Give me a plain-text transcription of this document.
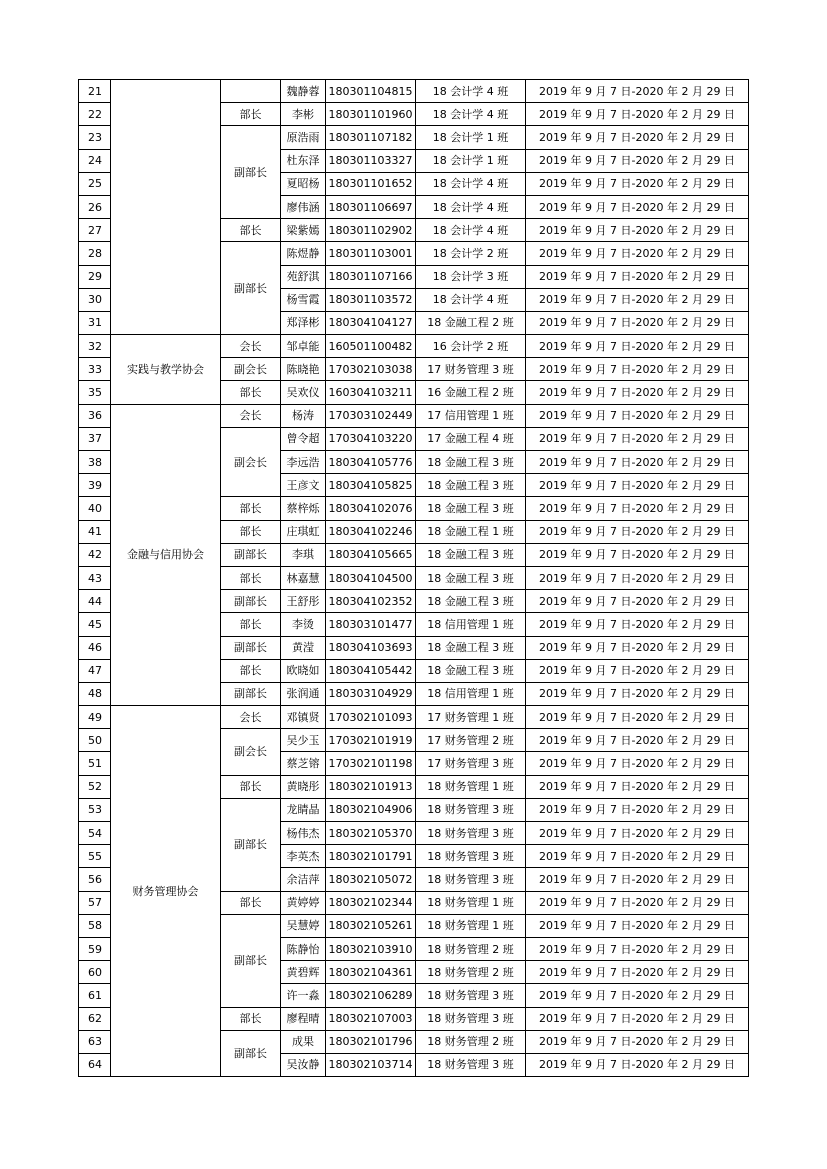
21			魏静蓉	180301104815	18 会计学 4 班	2019 年 9 月 7 日-2020 年 2 月 29 日
22		部长	李彬	180301101960	18 会计学 4 班	2019 年 9 月 7 日-2020 年 2 月 29 日
23		副部长	原浩雨	180301107182	18 会计学 1 班	2019 年 9 月 7 日-2020 年 2 月 29 日
24			杜东泽	180301103327	18 会计学 1 班	2019 年 9 月 7 日-2020 年 2 月 29 日
25			夏昭杨	180301101652	18 会计学 4 班	2019 年 9 月 7 日-2020 年 2 月 29 日
26			廖伟涵	180301106697	18 会计学 4 班	2019 年 9 月 7 日-2020 年 2 月 29 日
27		部长	梁紫嫣	180301102902	18 会计学 4 班	2019 年 9 月 7 日-2020 年 2 月 29 日
28		副部长	陈煜静	180301103001	18 会计学 2 班	2019 年 9 月 7 日-2020 年 2 月 29 日
29			苑舒淇	180301107166	18 会计学 3 班	2019 年 9 月 7 日-2020 年 2 月 29 日
30			杨雪霞	180301103572	18 会计学 4 班	2019 年 9 月 7 日-2020 年 2 月 29 日
31			郑泽彬	180304104127	18 金融工程 2 班	2019 年 9 月 7 日-2020 年 2 月 29 日
32	实践与教学协会	会长	邹卓能	160501100482	16 会计学 2 班	2019 年 9 月 7 日-2020 年 2 月 29 日
33		副会长	陈晓艳	170302103038	17 财务管理 3 班	2019 年 9 月 7 日-2020 年 2 月 29 日
35		部长	吴欢仪	160304103211	16 金融工程 2 班	2019 年 9 月 7 日-2020 年 2 月 29 日
36	金融与信用协会	会长	杨涛	170303102449	17 信用管理 1 班	2019 年 9 月 7 日-2020 年 2 月 29 日
37		副会长	曾令超	170304103220	17 金融工程 4 班	2019 年 9 月 7 日-2020 年 2 月 29 日
38			李远浩	180304105776	18 金融工程 3 班	2019 年 9 月 7 日-2020 年 2 月 29 日
39			王彦文	180304105825	18 金融工程 3 班	2019 年 9 月 7 日-2020 年 2 月 29 日
40		部长	蔡梓烁	180304102076	18 金融工程 3 班	2019 年 9 月 7 日-2020 年 2 月 29 日
41		部长	庄琪虹	180304102246	18 金融工程 1 班	2019 年 9 月 7 日-2020 年 2 月 29 日
42		副部长	李琪	180304105665	18 金融工程 3 班	2019 年 9 月 7 日-2020 年 2 月 29 日
43		部长	林嘉慧	180304104500	18 金融工程 3 班	2019 年 9 月 7 日-2020 年 2 月 29 日
44		副部长	王舒彤	180304102352	18 金融工程 3 班	2019 年 9 月 7 日-2020 年 2 月 29 日
45		部长	李烫	180303101477	18 信用管理 1 班	2019 年 9 月 7 日-2020 年 2 月 29 日
46		副部长	黄滢	180304103693	18 金融工程 3 班	2019 年 9 月 7 日-2020 年 2 月 29 日
47		部长	欧晓如	180304105442	18 金融工程 3 班	2019 年 9 月 7 日-2020 年 2 月 29 日
48		副部长	张润通	180303104929	18 信用管理 1 班	2019 年 9 月 7 日-2020 年 2 月 29 日
49	财务管理协会	会长	邓镇贤	170302101093	17 财务管理 1 班	2019 年 9 月 7 日-2020 年 2 月 29 日
50		副会长	吴少玉	170302101919	17 财务管理 2 班	2019 年 9 月 7 日-2020 年 2 月 29 日
51			蔡芝镕	170302101198	17 财务管理 3 班	2019 年 9 月 7 日-2020 年 2 月 29 日
52		部长	黄晓彤	180302101913	18 财务管理 1 班	2019 年 9 月 7 日-2020 年 2 月 29 日
53		副部长	龙睛晶	180302104906	18 财务管理 3 班	2019 年 9 月 7 日-2020 年 2 月 29 日
54			杨伟杰	180302105370	18 财务管理 3 班	2019 年 9 月 7 日-2020 年 2 月 29 日
55			李英杰	180302101791	18 财务管理 3 班	2019 年 9 月 7 日-2020 年 2 月 29 日
56			余洁萍	180302105072	18 财务管理 3 班	2019 年 9 月 7 日-2020 年 2 月 29 日
57		部长	黄婷婷	180302102344	18 财务管理 1 班	2019 年 9 月 7 日-2020 年 2 月 29 日
58		副部长	吴慧婷	180302105261	18 财务管理 1 班	2019 年 9 月 7 日-2020 年 2 月 29 日
59			陈静怡	180302103910	18 财务管理 2 班	2019 年 9 月 7 日-2020 年 2 月 29 日
60			黄碧辉	180302104361	18 财务管理 2 班	2019 年 9 月 7 日-2020 年 2 月 29 日
61			许一淼	180302106289	18 财务管理 3 班	2019 年 9 月 7 日-2020 年 2 月 29 日
62		部长	廖程晴	180302107003	18 财务管理 3 班	2019 年 9 月 7 日-2020 年 2 月 29 日
63		副部长	成果	180302101796	18 财务管理 2 班	2019 年 9 月 7 日-2020 年 2 月 29 日
64			吴汝静	180302103714	18 财务管理 3 班	2019 年 9 月 7 日-2020 年 2 月 29 日
